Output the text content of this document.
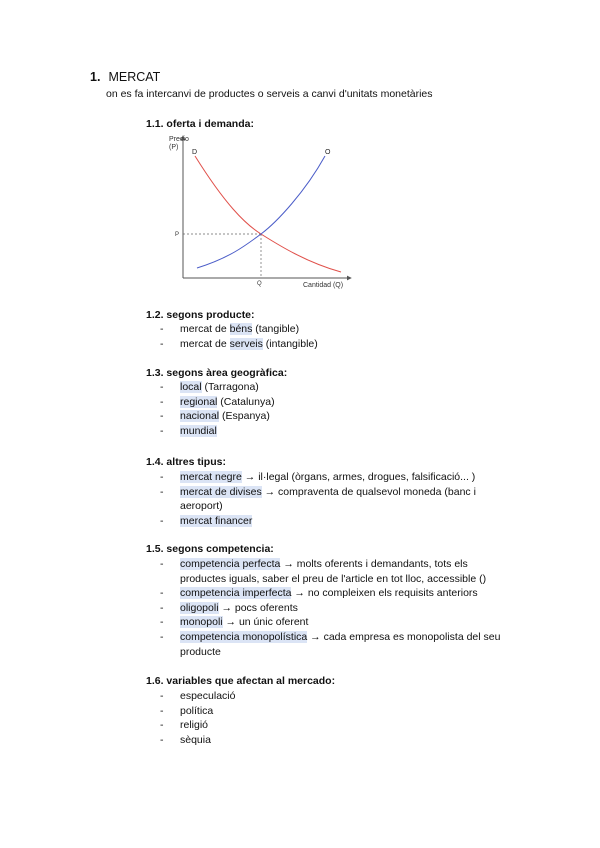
1. MERCAT
on es fa intercanvi de productes o serveis a canvi d'unitats monetàries
1.1. oferta i demanda:
Precio
(P)
Cantidad (Q)
P
Q
D	O
1.2. segons producte:
- mercat de béns (tangible)
- mercat de serveis (intangible)
1.3. segons àrea geogràfica:
- local (Tarragona)
- regional (Catalunya)
- nacional (Espanya)
- mundial
1.4. altres tipus:
- mercat negre → il·legal (òrgans, armes, drogues, falsificació... )
- mercat de divises → compraventa de qualsevol moneda (banc i aeroport)
- mercat financer
1.5. segons competencia:
- competencia perfecta → molts oferents i demandants, tots els productes iguals, saber el preu de l'article en tot lloc, accessible ()
- competencia imperfecta → no compleixen els requisits anteriors
- oligopoli → pocs oferents
- monopoli → un únic oferent
- competencia monopolística → cada empresa es monopolista del seu producte
1.6. variables que afectan al mercado:
- especulació
- política
- religió
- sèquia
